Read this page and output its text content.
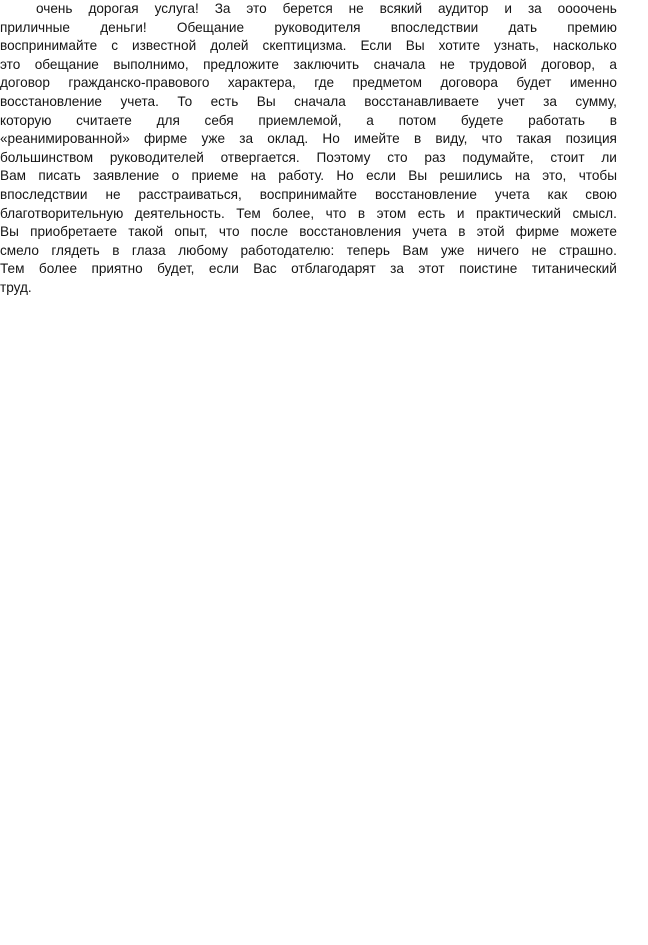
очень дорогая услуга! За это берется не всякий аудитор и за оооочень
приличные деньги! Обещание руководителя впоследствии дать премию
воспринимайте с известной долей скептицизма. Если Вы хотите узнать, насколько
это обещание выполнимо, предложите заключить сначала не трудовой договор, а
договор гражданско-правового характера, где предметом договора будет именно
восстановление учета. То есть Вы сначала восстанавливаете учет за сумму,
которую считаете для себя приемлемой, а потом будете работать в
«реанимированной» фирме уже за оклад. Но имейте в виду, что такая позиция
большинством руководителей отвергается. Поэтому сто раз подумайте, стоит ли
Вам писать заявление о приеме на работу. Но если Вы решились на это, чтобы
впоследствии не расстраиваться, воспринимайте восстановление учета как свою
благотворительную деятельность. Тем более, что в этом есть и практический смысл.
Вы приобретаете такой опыт, что после восстановления учета в этой фирме можете
смело глядеть в глаза любому работодателю: теперь Вам уже ничего не страшно.
Тем более приятно будет, если Вас отблагодарят за этот поистине титанический
труд.
